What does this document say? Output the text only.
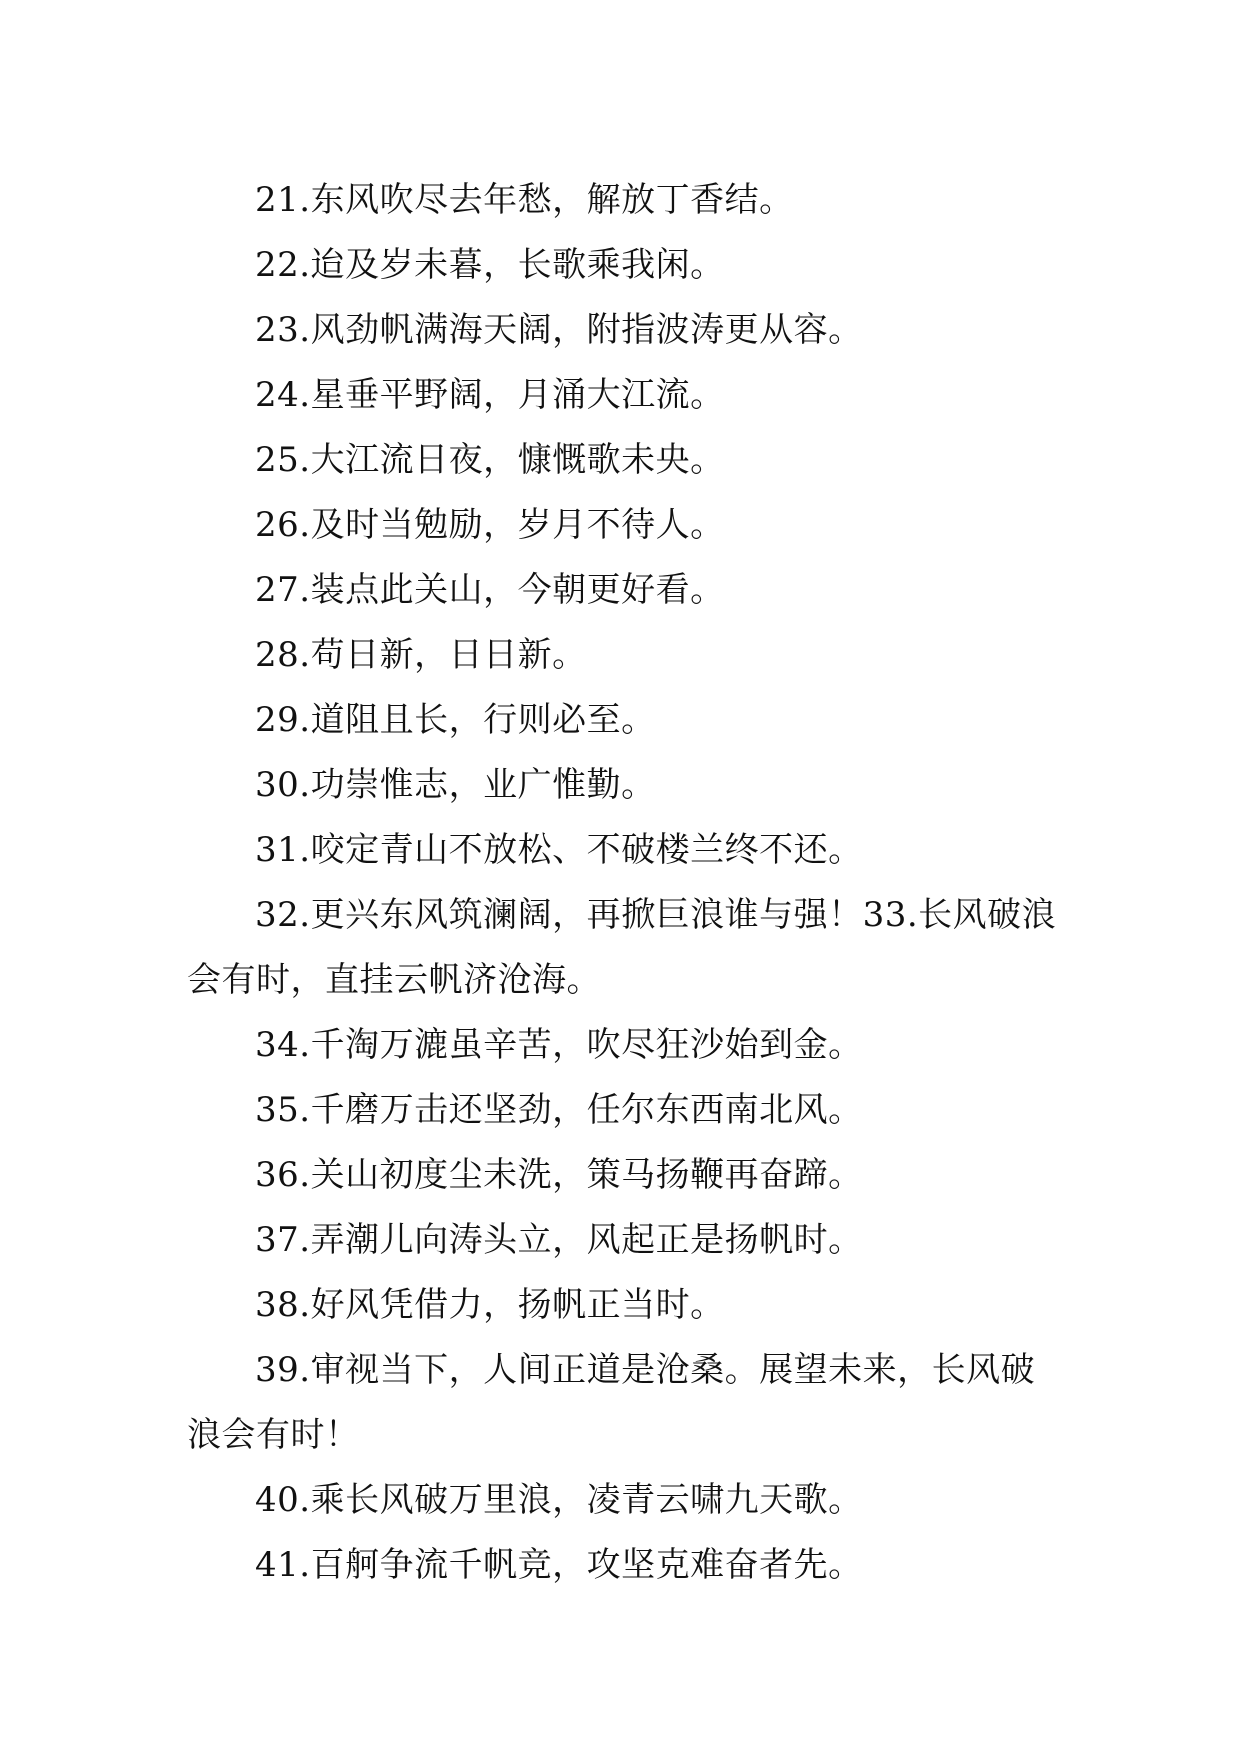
21.东风吹尽去年愁，解放丁香结。

22.迨及岁未暮，长歌乘我闲。

23.风劲帆满海天阔，附指波涛更从容。

24.星垂平野阔，月涌大江流。

25.大江流日夜，慷慨歌未央。

26.及时当勉励，岁月不待人。

27.装点此关山，今朝更好看。

28.苟日新，日日新。

29.道阻且长，行则必至。

30.功崇惟志，业广惟勤。

31.咬定青山不放松、不破楼兰终不还。

32.更兴东风筑澜阔，再掀巨浪谁与强！33.长风破浪会有时，直挂云帆济沧海。

34.千淘万漉虽辛苦，吹尽狂沙始到金。

35.千磨万击还坚劲，任尔东西南北风。

36.关山初度尘未洗，策马扬鞭再奋蹄。

37.弄潮儿向涛头立，风起正是扬帆时。

38.好风凭借力，扬帆正当时。

39.审视当下，人间正道是沧桑。展望未来，长风破浪会有时！

40.乘长风破万里浪，凌青云啸九天歌。

41.百舸争流千帆竞，攻坚克难奋者先。
